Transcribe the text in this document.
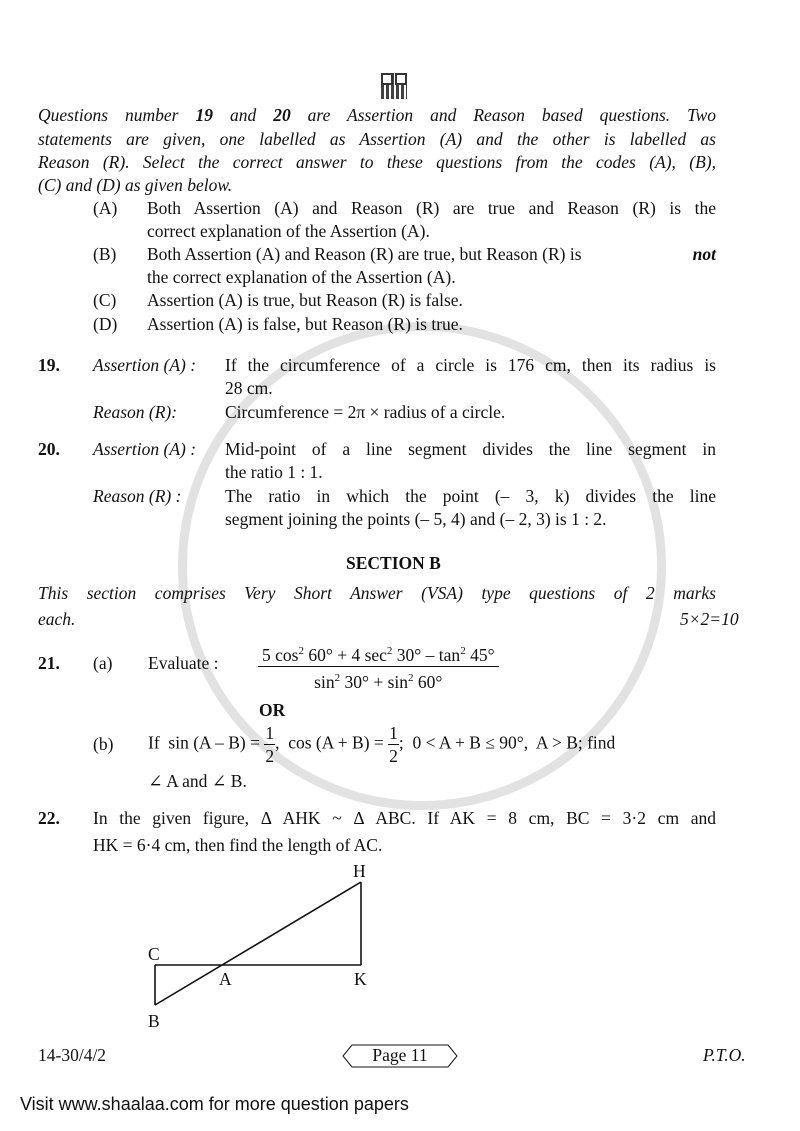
Questions number 19 and 20 are Assertion and Reason based questions. Two
statements are given, one labelled as Assertion (A) and the other is labelled as
Reason (R). Select the correct answer to these questions from the codes (A), (B),
(C) and (D) as given below.
(A) Both Assertion (A) and Reason (R) are true and Reason (R) is the
correct explanation of the Assertion (A).
(B) Both Assertion (A) and Reason (R) are true, but Reason (R) is	not
the correct explanation of the Assertion (A).
(C) Assertion (A) is true, but Reason (R) is false.
(D) Assertion (A) is false, but Reason (R) is true.
19. Assertion (A) : If the circumference of a circle is 176 cm, then its radius is
28 cm.
Reason (R):	Circumference = 2π × radius of a circle.
20. Assertion (A) : Mid-point of a line segment divides the line segment in
the ratio 1 : 1.
Reason (R) : The ratio in which the point (– 3, k) divides the line
segment joining the points (– 5, 4) and (– 2, 3) is 1 : 2.
SECTION B
This section comprises Very Short Answer (VSA) type questions of 2 marks
each.	5×2=10
21. (a) Evaluate : $\frac{5 \cos^2 60^\circ + 4 \sec^2 30^\circ - \tan^2 45^\circ}{\sin^2 30^\circ + \sin^2 60^\circ}$
OR
(b) If  $\sin (A - B) = \frac{1}{2}$ ,  $\cos (A + B) = \frac{1}{2}$ ;  0 < A + B ≤ 90°,  A > B; find
∠ A and ∠ B.
22. In the given figure, Δ AHK ~ Δ ABC. If AK = 8 cm, BC = 3·2 cm and
HK = 6·4 cm, then find the length of AC.
H
C
A	K
B
14-30/4/2	Page 11	P.T.O.
Visit www.shaalaa.com for more question papers
